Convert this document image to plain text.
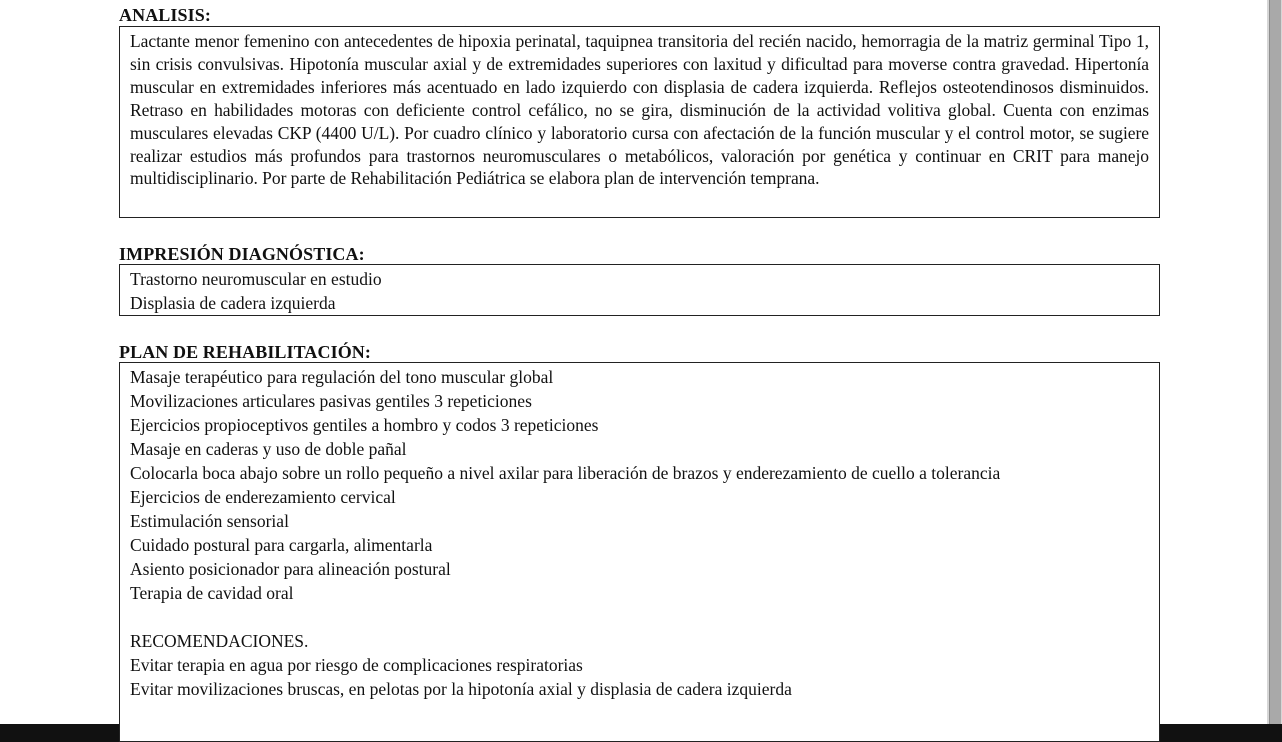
ANALISIS:

Lactante menor femenino con antecedentes de hipoxia perinatal, taquipnea transitoria del recién nacido, hemorragia de la matriz germinal Tipo 1, sin crisis convulsivas. Hipotonía muscular axial y de extremidades superiores con laxitud y dificultad para moverse contra gravedad. Hipertonía muscular en extremidades inferiores más acentuado en lado izquierdo con displasia de cadera izquierda. Reflejos osteotendinosos disminuidos. Retraso en habilidades motoras con deficiente control cefálico, no se gira, disminución de la actividad volitiva global. Cuenta con enzimas musculares elevadas CKP (4400 U/L). Por cuadro clínico y laboratorio cursa con afectación de la función muscular y el control motor, se sugiere realizar estudios más profundos para trastornos neuromusculares o metabólicos, valoración por genética y continuar en CRIT para manejo multidisciplinario. Por parte de Rehabilitación Pediátrica se elabora plan de intervención temprana.

IMPRESIÓN DIAGNÓSTICA:
Trastorno neuromuscular en estudio
Displasia de cadera izquierda
PLAN DE REHABILITACIÓN:
Masaje terapéutico para regulación del tono muscular global
Movilizaciones articulares pasivas gentiles 3 repeticiones
Ejercicios propioceptivos gentiles a hombro y codos 3 repeticiones
Masaje en caderas y uso de doble pañal
Colocarla boca abajo sobre un rollo pequeño a nivel axilar para liberación de brazos y enderezamiento de cuello a tolerancia
Ejercicios de enderezamiento cervical
Estimulación sensorial
Cuidado postural para cargarla, alimentarla
Asiento posicionador para alineación postural
Terapia de cavidad oral
RECOMENDACIONES.
Evitar terapia en agua por riesgo de complicaciones respiratorias
Evitar movilizaciones bruscas, en pelotas por la hipotonía axial y displasia de cadera izquierda
